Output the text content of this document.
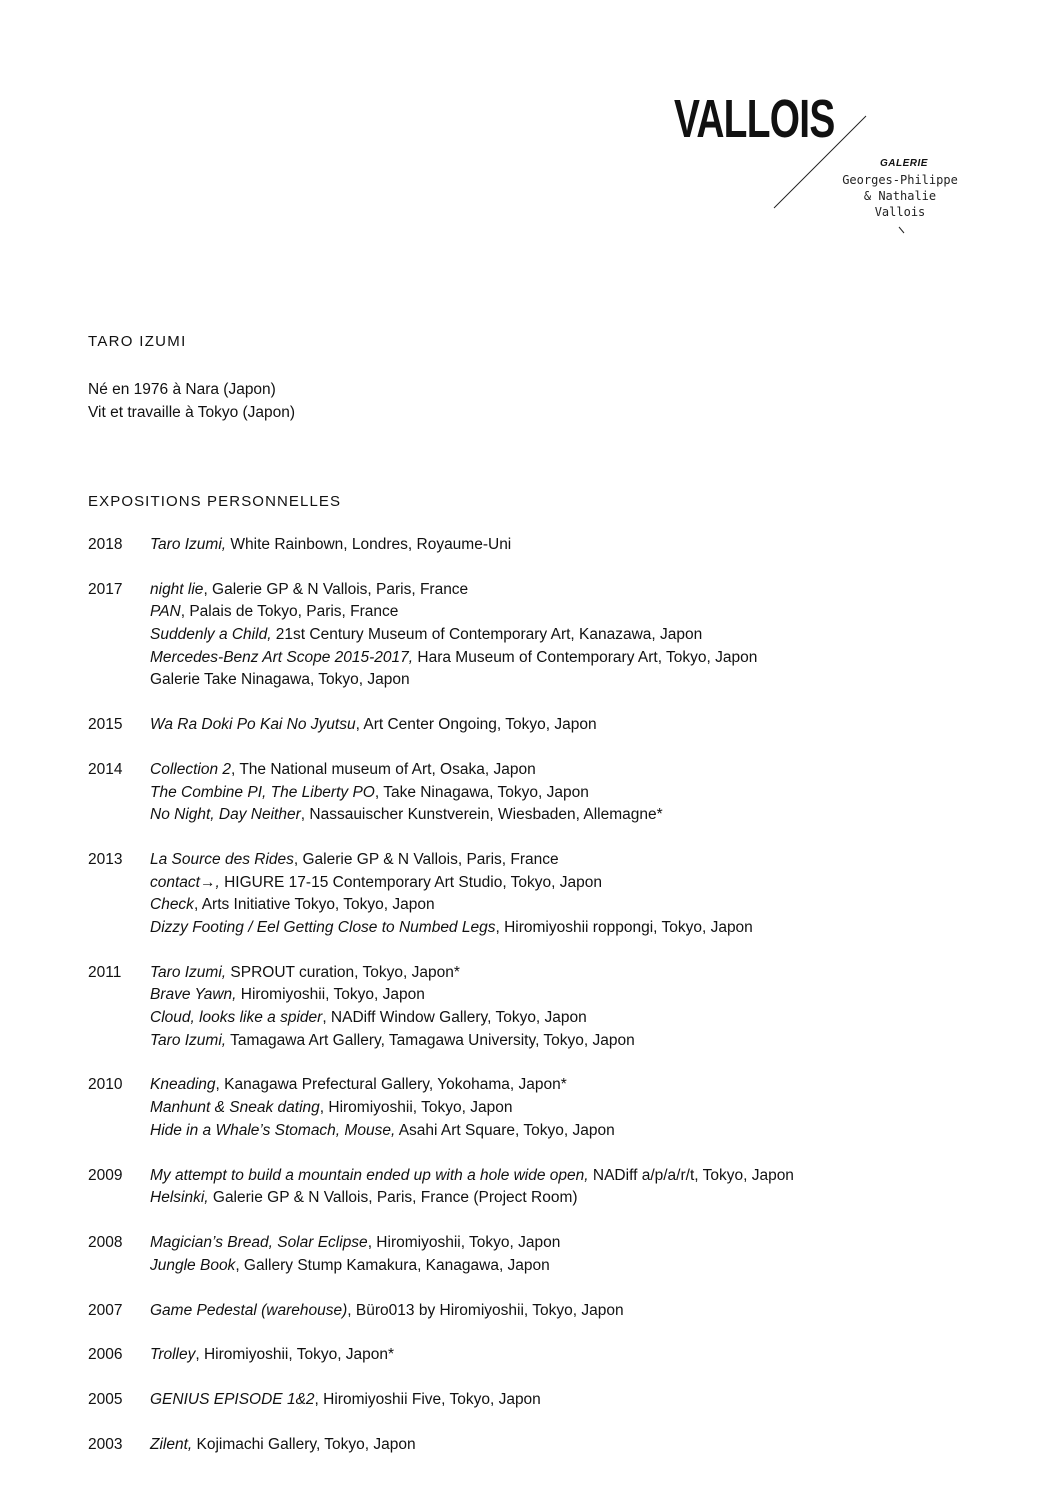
VALLOIS
GALERIE
Georges-Philippe
& Nathalie
Vallois
TARO IZUMI
Né en 1976 à Nara (Japon)
Vit et travaille à Tokyo (Japon)
EXPOSITIONS PERSONNELLES
2018	Taro Izumi, White Rainbown, Londres, Royaume-Uni
2017	night lie, Galerie GP & N Vallois, Paris, France
PAN, Palais de Tokyo, Paris, France
Suddenly a Child, 21st Century Museum of Contemporary Art, Kanazawa, Japon
Mercedes-Benz Art Scope 2015-2017, Hara Museum of Contemporary Art, Tokyo, Japon
Galerie Take Ninagawa, Tokyo, Japon
2015	Wa Ra Doki Po Kai No Jyutsu, Art Center Ongoing, Tokyo, Japon
2014	Collection 2, The National museum of Art, Osaka, Japon
The Combine PI, The Liberty PO, Take Ninagawa, Tokyo, Japon
No Night, Day Neither, Nassauischer Kunstverein, Wiesbaden, Allemagne*
2013	La Source des Rides, Galerie GP & N Vallois, Paris, France
contact→, HIGURE 17-15 Contemporary Art Studio, Tokyo, Japon
Check, Arts Initiative Tokyo, Tokyo, Japon
Dizzy Footing / Eel Getting Close to Numbed Legs, Hiromiyoshii roppongi, Tokyo, Japon
2011	Taro Izumi, SPROUT curation, Tokyo, Japon*
Brave Yawn, Hiromiyoshii, Tokyo, Japon
Cloud, looks like a spider, NADiff Window Gallery, Tokyo, Japon
Taro Izumi, Tamagawa Art Gallery, Tamagawa University, Tokyo, Japon
2010	Kneading, Kanagawa Prefectural Gallery, Yokohama, Japon*
Manhunt & Sneak dating, Hiromiyoshii, Tokyo, Japon
Hide in a Whale’s Stomach, Mouse, Asahi Art Square, Tokyo, Japon
2009	My attempt to build a mountain ended up with a hole wide open, NADiff a/p/a/r/t, Tokyo, Japon
Helsinki, Galerie GP & N Vallois, Paris, France (Project Room)
2008	Magician’s Bread, Solar Eclipse, Hiromiyoshii, Tokyo, Japon
Jungle Book, Gallery Stump Kamakura, Kanagawa, Japon
2007	Game Pedestal (warehouse), Büro013 by Hiromiyoshii, Tokyo, Japon
2006	Trolley, Hiromiyoshii, Tokyo, Japon*
2005	GENIUS EPISODE 1&2, Hiromiyoshii Five, Tokyo, Japon
2003	Zilent, Kojimachi Gallery, Tokyo, Japon
